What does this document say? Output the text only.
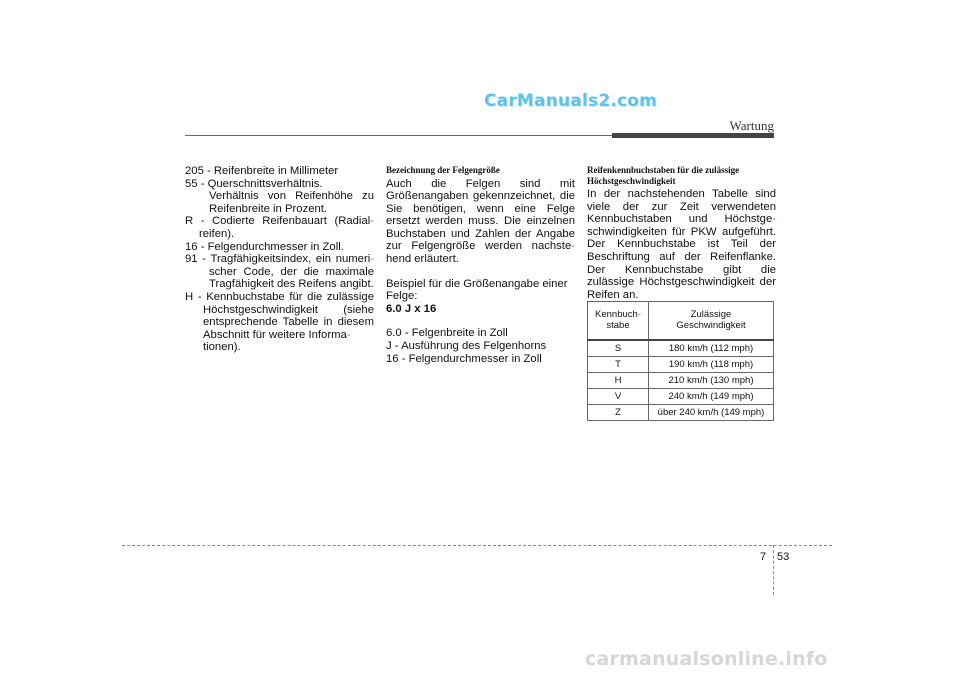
CarManuals2.com
Wartung

205 - Reifenbreite in Millimeter

55 - Querschnittsverhältnis.

Verhältnis von Reifenhöhe zu Reifenbreite in Prozent.

R - Codierte Reifenbauart (Radial-

reifen).

16 - Felgendurchmesser in Zoll.

91 - Tragfähigkeitsindex, ein numeri-

scher Code, der die maximale Tragfähigkeit des Reifens angibt.

H - Kennbuchstabe für die zulässige

Höchstgeschwindigkeit (siehe entsprechende Tabelle in diesem Abschnitt für weitere Informa-

tionen).

Bezeichnung der Felgengröße

Auch die Felgen sind mit Größenangaben gekennzeichnet, die Sie benötigen, wenn eine Felge ersetzt werden muss. Die einzelnen Buchstaben und Zahlen der Angabe zur Felgengröße werden nachste- hend erläutert.

Beispiel für die Größenangabe einer Felge:

6.0 J x 16

6.0 - Felgenbreite in Zoll

J - Ausführung des Felgenhorns

16 - Felgendurchmesser in Zoll

Reifenkennbuchstaben für die zulässige Höchstgeschwindigkeit

In der nachstehenden Tabelle sind viele der zur Zeit verwendeten Kennbuchstaben und Höchstge- schwindigkeiten für PKW aufgeführt. Der Kennbuchstabe ist Teil der Beschriftung auf der Reifenflanke. Der Kennbuchstabe gibt die zulässige Höchstgeschwindigkeit der Reifen an.

Kennbuch-
stabe	Zulässige
Geschwindigkeit
S	180 km/h (112 mph)
T	190 km/h (118 mph)
H	210 km/h (130 mph)
V	240 km/h (149 mph)
Z	über 240 km/h (149 mph)
7 53
carmanualsonline.info
